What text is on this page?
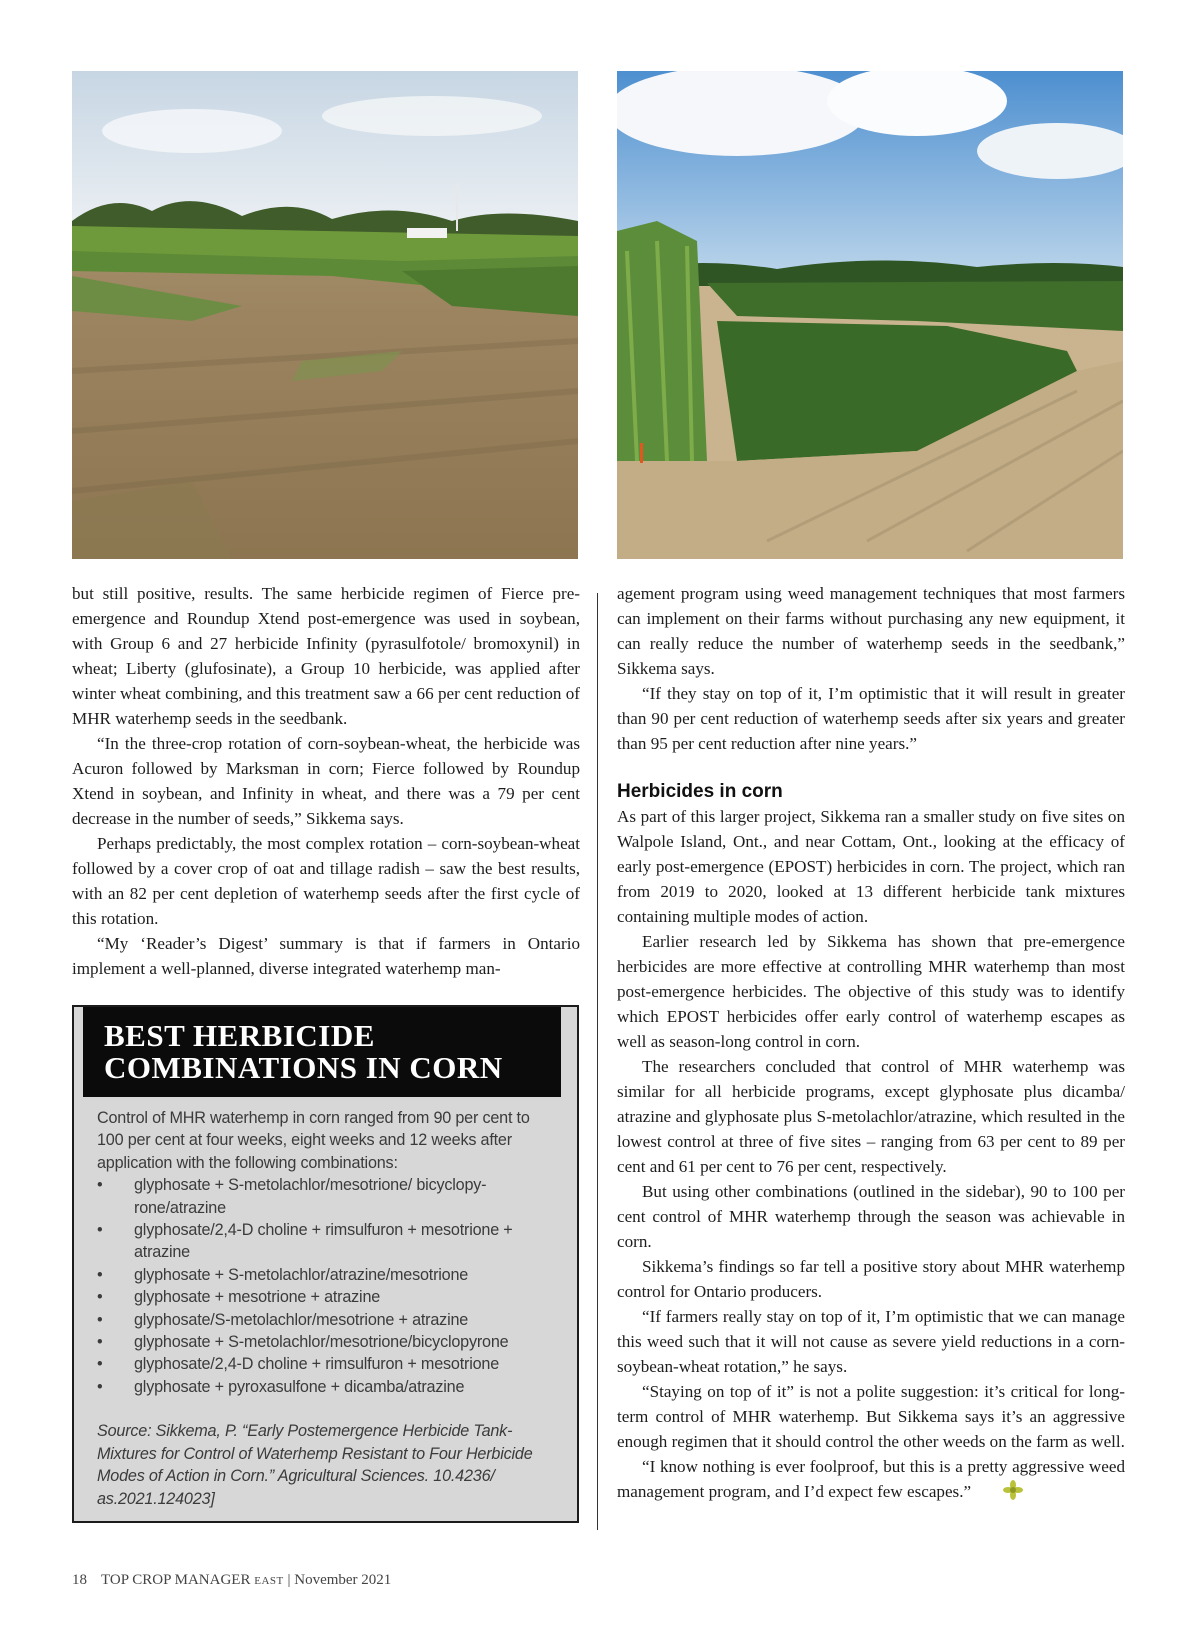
but still positive, results. The same herbicide regimen of Fierce pre-emergence and Roundup Xtend post-emergence was used in soybean, with Group 6 and 27 herbicide Infinity (pyrasulfotole/ bromoxynil) in wheat; Liberty (glufosinate), a Group 10 herbicide, was applied after winter wheat combining, and this treatment saw a 66 per cent reduction of MHR waterhemp seeds in the seedbank.

“In the three-crop rotation of corn-soybean-wheat, the herbicide was Acuron followed by Marksman in corn; Fierce followed by Roundup Xtend in soybean, and Infinity in wheat, and there was a 79 per cent decrease in the number of seeds,” Sikkema says.

Perhaps predictably, the most complex rotation – corn-soybean-wheat followed by a cover crop of oat and tillage radish – saw the best results, with an 82 per cent depletion of waterhemp seeds after the first cycle of this rotation.

“My ‘Reader’s Digest’ summary is that if farmers in Ontario implement a well-planned, diverse integrated waterhemp man-

agement program using weed management techniques that most farmers can implement on their farms without purchasing any new equipment, it can really reduce the number of waterhemp seeds in the seedbank,” Sikkema says.

“If they stay on top of it, I’m optimistic that it will result in greater than 90 per cent reduction of waterhemp seeds after six years and greater than 95 per cent reduction after nine years.”

Herbicides in corn

As part of this larger project, Sikkema ran a smaller study on five sites on Walpole Island, Ont., and near Cottam, Ont., looking at the efficacy of early post-emergence (EPOST) herbicides in corn. The project, which ran from 2019 to 2020, looked at 13 different herbicide tank mixtures containing multiple modes of action.

Earlier research led by Sikkema has shown that pre-emergence herbicides are more effective at controlling MHR waterhemp than most post-emergence herbicides. The objective of this study was to identify which EPOST herbicides offer early control of waterhemp escapes as well as season-long control in corn.

The researchers concluded that control of MHR waterhemp was similar for all herbicide programs, except glyphosate plus dicamba/ atrazine and glyphosate plus S-metolachlor/atrazine, which resulted in the lowest control at three of five sites – ranging from 63 per cent to 89 per cent and 61 per cent to 76 per cent, respectively.

But using other combinations (outlined in the sidebar), 90 to 100 per cent control of MHR waterhemp through the season was achievable in corn.

Sikkema’s findings so far tell a positive story about MHR waterhemp control for Ontario producers.

“If farmers really stay on top of it, I’m optimistic that we can manage this weed such that it will not cause as severe yield reductions in a corn-soybean-wheat rotation,” he says.

“Staying on top of it” is not a polite suggestion: it’s critical for long-term control of MHR waterhemp. But Sikkema says it’s an aggressive enough regimen that it should control the other weeds on the farm as well.

“I know nothing is ever foolproof, but this is a pretty aggressive weed management program, and I’d expect few escapes.”

BEST HERBICIDE
COMBINATIONS IN CORN

Control of MHR waterhemp in corn ranged from 90 per cent to 100 per cent at four weeks, eight weeks and 12 weeks after application with the following combinations:

• glyphosate + S-metolachlor/mesotrione/ bicyclopy-rone/atrazine
• glyphosate/2,4-D choline + rimsulfuron + mesotrione + atrazine
• glyphosate + S-metolachlor/atrazine/mesotrione
• glyphosate + mesotrione + atrazine
• glyphosate/S-metolachlor/mesotrione + atrazine
• glyphosate + S-metolachlor/mesotrione/bicyclopyrone
• glyphosate/2,4-D choline + rimsulfuron + mesotrione
• glyphosate + pyroxasulfone + dicamba/atrazine

Source: Sikkema, P. “Early Postemergence Herbicide Tank-Mixtures for Control of Waterhemp Resistant to Four Herbicide Modes of Action in Corn.” Agricultural Sciences. 10.4236/ as.2021.124023]

18 TOP CROP MANAGER EAST | November 2021
